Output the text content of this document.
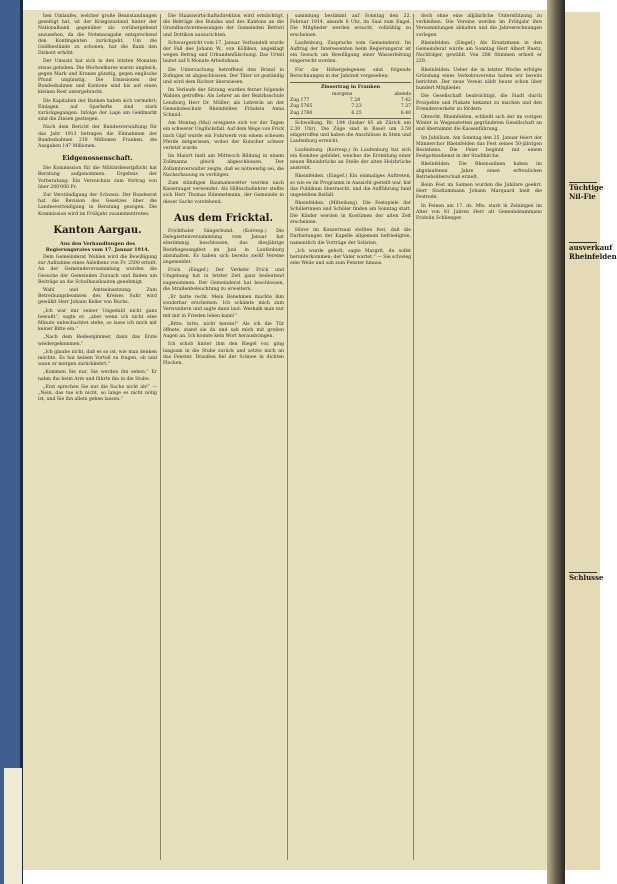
hen Umlaufes, welcher große Beanstandungen gezeitigt hat, ist der Kriegszustand hinter der Nationalbank gegenüber als vorübergehend anzusehen, da die Notenausgabe entsprechend den Kontingenten zurückgeht. Um die Goldbestände zu schonen, hat die Bank den Diskont erhöht.

Der Umsatz hat sich in den letzten Monaten etwas gehoben. Die Wechselkurse waren ungleich, gegen Mark und Kronen günstig, gegen englische Pfund ungünstig. Die Emissionen der Bundesbahnen und Kantone sind bis auf einen kleinen Rest untergebracht.

Die Kapitalien der Banken haben sich vermehrt; Einlagen auf Sparhefte sind stark zurückgegangen. Infolge der Lage am Geldmarkt sind die Zinsen gestiegen.

Nach dem Bericht der Bundesverwaltung für das Jahr 1913 betragen die Einnahmen der Bundesbahnen 218 Millionen Franken, die Ausgaben 147 Millionen.

Eidgenossenschaft.

Die Kommission für die Militärdienstpflicht hat Beratung aufgenommen. Ergebnis der Vorberatung: Ein Verzeichnis zum Vortrag von über 200'000 Fr.

Zur Verständigung der Schweiz. Der Bundesrat hat die Revision des Gesetzes über die Landesverteidigung in Beratung gezogen. Die Kommission wird im Frühjahr zusammentreten.

Kanton Aargau.
Aus den Verhandlungen des Regierungsrates vom 17. Januar 1914.

Dem Gemeinderat Wohlen wird die Bewilligung zur Aufnahme eines Anleihens von Fr. 2500 erteilt. An der Gemeindeversammlung wurden die Gesuche der Gemeinden Zurzach und Baden um Beiträge an die Schulhausbauten genehmigt.

Wahl und Amtseinsetzung: Zum Betreibungsbeamten des Kreises Suhr wird gewählt Herr Johann Keller von Buchs.

„Ich war mir seiner Ungeduld nicht ganz bewußt“, sagte er, „aber wenn ich nicht eine Minute unbeobachtet stehe, so lasse ich mich mit keiner Bitte ein.“

„Nach dem Redeenjimmer, dann das Erste wiedergekommen.“

„Ich glaube nicht, daß es so ist, wie man denken möchte. Es hat keinen Vorteil zu fragen, ob und wann er morgen zurückkehrt.“

„Kommen Sie nur, Sie werden ihn sehen.“ Er nahm ihn beim Arm und führte ihn in die Stube.

„Erst sprechen Sie nur die Sache nicht ab!“ — „Nein, das tue ich nicht, so lange es nicht nötig ist, und Sie ihn allein gehen lassen.“

Die Staatswirtschaftsdirektion wird ermächtigt, die Beiträge des Bundes und des Kantons an die Grundbuchvermessungen der Gemeinden Bettwil und Dottikon auszurichten.

Schwurgericht vom 17. Januar. Verhandelt wurde der Fall des Johann W., von Kölliken, angeklagt wegen Betrug und Urkundenfälschung. Das Urteil lautet auf 8 Monate Arbeitshaus.

Die Untersuchung betreffend den Brand in Zofingen ist abgeschlossen. Der Täter ist geständig und wird dem Richter überwiesen.

Im Verlaufe der Sitzung wurden ferner folgende Wahlen getroffen: Als Lehrer an der Bezirksschule Lenzburg Herr Dr. Müller; als Lehrerin an der Gemeindeschule Rheinfelden Fräulein Anna Schmid.

Am Montag (Mai) ereignete sich vor der Tagen ein schwerer Unglücksfall. Auf dem Wege von Frick nach Gipf wurde ein Fuhrwerk von einem scheuen Pferde mitgerissen, wobei der Kutscher schwer verletzt wurde.

Im Maiort hielt am Mittwoch Bildung in einem Zollmanns gleich abgeschlossen. Der Zollamtsverwalter zeigte, daß es notwendig sei, die Nachschauung zu verfolgen.

Zum ständigen Baumamoretter wurden nach Kaiseraugst verwendet. Als Hilfsschullehrer stellte sich Herr Thomas Rümmelmann, der Gemeinde in dieser Sache vorstehend.

Aus dem Fricktal.

Frickthaler Sängerbund. (Korresp.) Die Delegiertenversammlung vom Januar hat einstimmig beschlossen, das diesjährige Bezirksgesangfest im Juni in Laufenburg abzuhalten. Es haben sich bereits zwölf Vereine angemeldet.

Frick. (Eingef.) Der Verkehr Frick und Umgebung hat in letzter Zeit ganz bedeutend zugenommen. Der Gemeinderat hat beschlossen, die Straßenbeleuchtung zu erweitern.

„Er hatte recht. Mein Benehmen machte ihm sonderbar erscheinen. Ich schämte mich zum Verwundern und sagte dann laut: Weshalb man nur mit mir in Frieden leben kann!“

„Bitte, bitte, nicht herein!“ Als ich die Tür öffnete, stand sie da und sah mich mit großen Augen an. Ich konnte kein Wort herausbringen.

Ich schob hinter ihm den Riegel vor, ging langsam in die Stube zurück und setzte mich an das Fenster. Draußen fiel der Schnee in dichten Flocken.

sammlung bestimmt auf Sonntag den 22. Februar 1914, abends 8 Uhr, im Saal zum Engel. Die Mitglieder werden ersucht, vollzählig zu erscheinen.

Laufenburg. Zusprache vom Gemeinderat. Im Auftrag der Interessenten beim Regierungsrat ist ein Gesuch um Bewilligung einer Wasserleitung eingereicht worden.

Für die Höhergelegenen sind folgende Berechnungen in der Jahrzeit vorgesehen:

Zinsertrag in Franken
morgens	abends
Zug 177	7.28	7.42
Zug 5765	7.23	7.37
Zug 2780	6.25	6.40

Schwellung. Rr. 184 (bisher 85 ab Zürich um 2.30 Uhr). Die Züge sind in Basel um 3.58 eingetroffen und haben die Anschlüsse in Stein und Laufenburg erreicht.

Laufenburg. (Korresp.) In Laufenburg hat sich ein Komitee gebildet, welches die Erstellung einer neuen Rheinbrücke an Stelle der alten Holzbrücke anstrebt.

Rheinfelden. (Eingef.) Ein einmaliges Auftreten, so wie es im Programm in Aussicht gestellt war, hat das Publikum überrascht, und die Aufführung fand ungeteilten Beifall.

Rheinfelden. (Mitteilung). Die Festspiele der Schülerinnen und Schüler finden am Sonntag statt. Die Kinder werden in Kostümen der alten Zeit erscheinen.

Hörer im Konzertsaal stellten fest, daß die Darbietungen der Kapelle allgemein befriedigten, namentlich die Vorträge der Solisten.

„Ich wurde geholt, sagte Margrit, du sollst herunterkommen; der Vater wartet.“ — Sie schwieg eine Weile und sah zum Fenster hinaus.

doch ohne eine alljährliche Unterstützung zu verbleiben. Die Vereine werden im Frühjahr ihre Versammlungen abhalten und die Jahresrechnungen vorlegen.

Rheinfelden. (Eingef.) Als Ersatzmann in den Gemeinderat wurde am Sonntag Herr Albert Ruetz, Nachfolger, gewählt. Von 288 Stimmen erhielt er 229.

Rheinfelden. Ueber die in letzter Woche erfolgte Gründung eines Verkehrsvereins haben wir bereits berichtet. Der neue Verein zählt heute schon über hundert Mitglieder.

Die Gesellschaft beabsichtigt, die Stadt durch Prospekte und Plakate bekannt zu machen und den Fremdenverkehr zu fördern.

Obrecht, Rheinfelden, schließt sich der im vorigen Winter in Wegenstetten gegründeten Gesellschaft an und übernimmt die Kassenführung.

Im Jubiläum. Am Sonntag den 25. Januar feiert der Männerchor Rheinfelden das Fest seines 50-jährigen Bestehens. Die Feier beginnt mit einem Festgottesdienst in der Stadtkirche.

Rheinfelden. Die Rheinsalinen haben im abgelaufenen Jahre einen erfreulichen Betriebsüberschuß erzielt.

Beim Fest im Salmen wurden die Jubilare geehrt. Herr Stadtammann Johann Marquard hielt die Festrede.

In Feinen am 17. ds. Mts. starb in Zeiningen im Alter von 81 Jahren Herr alt Gemeindeammann Fridolin Schlienger.

Tüchtige Nil-Fie
ausverkauf Rheinfelden
Schlusse
